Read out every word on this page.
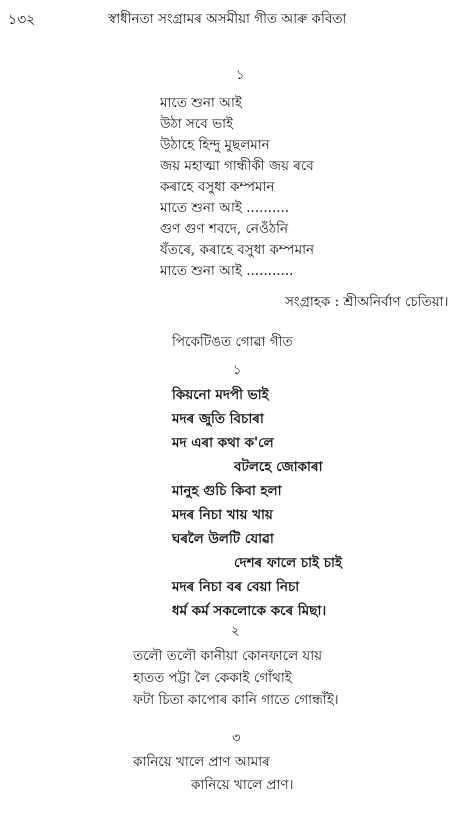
১৩২	স্বাধীনতা সংগ্ৰামৰ অসমীয়া গীত আৰু কবিতা
১
মাতে শুনা আই
উঠা সবে ভাই
উঠাহে হিন্দু মুছলমান
জয় মহাত্মা গান্ধীকী জয় ৰবে
কৰাহে বসুধা কম্পমান
মাতে শুনা আই ..........
গুণ গুণ শবদে, নেওঁঠনি
যঁতৰে, কৰাহে বসুধা কম্পমান
মাতে শুনা আই ...........
সংগ্ৰাহক : শ্ৰীঅনিৰ্বাণ চেতিয়া।
পিকেটিঙত গোৱা গীত
১
কিয়নো মদপী ভাই
মদৰ জুতি বিচাৰা
মদ এৰা কথা ক'লে
বটলহে জোকাৰা
মানুহ গুচি কিবা হলা
মদৰ নিচা খায় খায়
ঘৰলৈ উলটি যোৱা
দেশৰ ফালে চাই চাই
মদৰ নিচা বৰ বেয়া নিচা
ধৰ্ম কৰ্ম সকলোকে কৰে মিছা।
২
তলৌ তলৌ কানীয়া কোনফালে যায়
হাতত পট্টা লৈ কেকাই গোঁথাই
ফটা চিতা কাপোৰ কানি গাতে গোন্ধাঁই।
৩
কানিয়ে খালে প্ৰাণ আমাৰ
কানিয়ে খালে প্ৰাণ।
